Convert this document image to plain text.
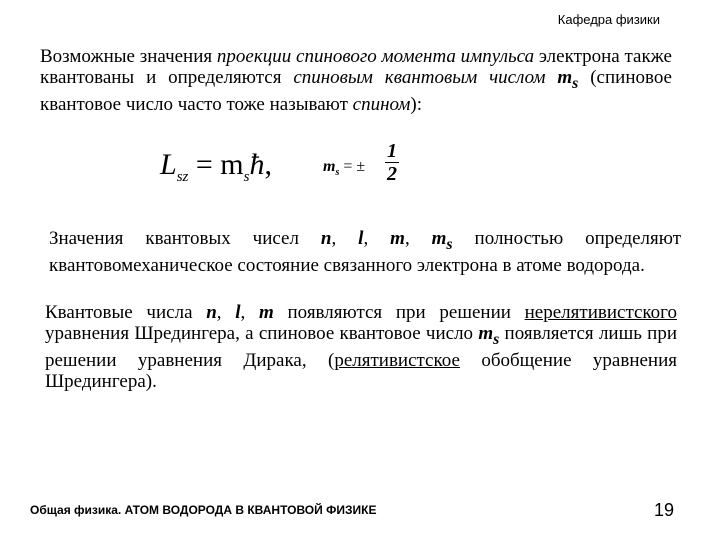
Кафедра физики
Возможные значения проекции спинового момента импульса электрона также квантованы и определяются спиновым квантовым числом $m_s$ (спиновое квантовое число часто тоже называют спином):
$L_{sz}$ = $m_sħ$,	$m_s$ = ± $\frac{1}{2}$
Значения квантовых чисел n, l, m, $m_s$ полностью определяют квантовомеханическое состояние связанного электрона в атоме водорода.
Квантовые числа n, l, m появляются при решении нерелятивистского уравнения Шредингера, а спиновое квантовое число $m_s$ появляется лишь при решении уравнения Дирака, (релятивистское обобщение уравнения Шредингера).
Общая физика. АТОМ ВОДОРОДА В КВАНТОВОЙ ФИЗИКЕ	19
